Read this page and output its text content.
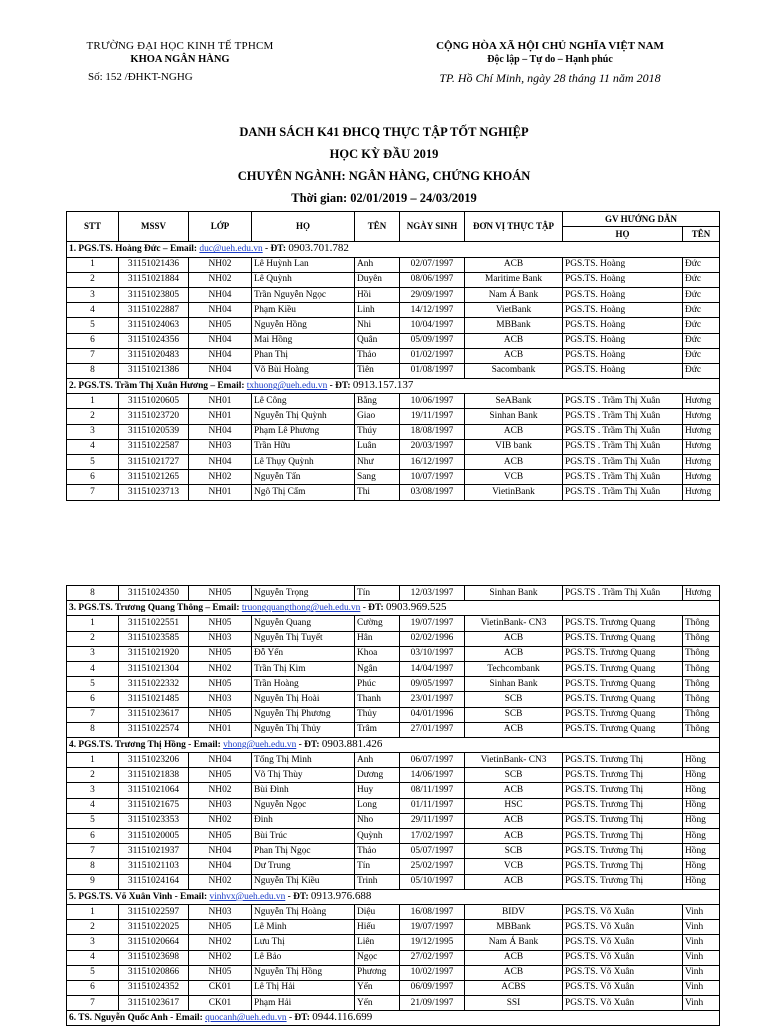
TRƯỜNG ĐẠI HỌC KINH TẾ TPHCM
KHOA NGÂN HÀNG
Số: 152 /ĐHKT-NGHG
CỘNG HÒA XÃ HỘI CHỦ NGHĨA VIỆT NAM
Độc lập – Tự do – Hạnh phúc
TP. Hồ Chí Minh, ngày 28 tháng 11 năm 2018
DANH SÁCH K41 ĐHCQ THỰC TẬP TỐT NGHIỆP
HỌC KỲ ĐẦU 2019
CHUYÊN NGÀNH: NGÂN HÀNG, CHỨNG KHOÁN
Thời gian: 02/01/2019 – 24/03/2019
STT	MSSV	LỚP	HỌ	TÊN	NGÀY SINH	ĐƠN VỊ THỰC TẬP	GV HƯỚNG DẪN	
							HỌ	TÊN
1. PGS.TS. Hoàng Đức – Email: duc@ueh.edu.vn - ĐT: 0903.701.782								
1	31151021436	NH02	Lê Huỳnh Lan	Anh	02/07/1997	ACB	PGS.TS. Hoàng	Đức
2	31151021884	NH02	Lê Quỳnh	Duyên	08/06/1997	Maritime Bank	PGS.TS. Hoàng	Đức
3	31151023805	NH04	Trần Nguyễn Ngọc	Hồi	29/09/1997	Nam Á Bank	PGS.TS. Hoàng	Đức
4	31151022887	NH04	Phạm Kiều	Linh	14/12/1997	VietBank	PGS.TS. Hoàng	Đức
5	31151024063	NH05	Nguyễn Hồng	Nhi	10/04/1997	MBBank	PGS.TS. Hoàng	Đức
6	31151024356	NH04	Mai Hồng	Quân	05/09/1997	ACB	PGS.TS. Hoàng	Đức
7	31151020483	NH04	Phan Thị	Thảo	01/02/1997	ACB	PGS.TS. Hoàng	Đức
8	31151021386	NH04	Võ Bùi Hoàng	Tiên	01/08/1997	Sacombank	PGS.TS. Hoàng	Đức
2. PGS.TS. Trầm Thị Xuân Hương – Email: txhuong@ueh.edu.vn - ĐT: 0913.157.137								
1	31151020605	NH01	Lê Công	Bằng	10/06/1997	SeABank	PGS.TS . Trầm Thị Xuân	Hương
2	31151023720	NH01	Nguyễn Thị Quỳnh	Giao	19/11/1997	Sinhan Bank	PGS.TS . Trầm Thị Xuân	Hương
3	31151020539	NH04	Phạm Lê Phương	Thúy	18/08/1997	ACB	PGS.TS . Trầm Thị Xuân	Hương
4	31151022587	NH03	Trần Hữu	Luân	20/03/1997	VIB bank	PGS.TS . Trầm Thị Xuân	Hương
5	31151021727	NH04	Lê Thụy Quỳnh	Như	16/12/1997	ACB	PGS.TS . Trầm Thị Xuân	Hương
6	31151021265	NH02	Nguyễn Tấn	Sang	10/07/1997	VCB	PGS.TS . Trầm Thị Xuân	Hương
7	31151023713	NH01	Ngô Thị Cẩm	Thi	03/08/1997	VietinBank	PGS.TS . Trầm Thị Xuân	Hương
8	31151024350	NH05	Nguyễn Trọng	Tín	12/03/1997	Sinhan Bank	PGS.TS . Trầm Thị Xuân	Hương
3. PGS.TS. Trương Quang Thông – Email: truongquangthong@ueh.edu.vn - ĐT: 0903.969.525								
1	31151022551	NH05	Nguyễn Quang	Cường	19/07/1997	VietinBank- CN3	PGS.TS. Trương Quang	Thông
2	31151023585	NH03	Nguyễn Thị Tuyết	Hân	02/02/1996	ACB	PGS.TS. Trương Quang	Thông
3	31151021920	NH05	Đỗ Yến	Khoa	03/10/1997	ACB	PGS.TS. Trương Quang	Thông
4	31151021304	NH02	Trần Thị Kim	Ngân	14/04/1997	Techcombank	PGS.TS. Trương Quang	Thông
5	31151022332	NH05	Trần Hoàng	Phúc	09/05/1997	Sinhan Bank	PGS.TS. Trương Quang	Thông
6	31151021485	NH03	Nguyễn Thị Hoài	Thanh	23/01/1997	SCB	PGS.TS. Trương Quang	Thông
7	31151023617	NH05	Nguyễn Thị Phương	Thủy	04/01/1996	SCB	PGS.TS. Trương Quang	Thông
8	31151022574	NH01	Nguyễn Thị Thủy	Trâm	27/01/1997	ACB	PGS.TS. Trương Quang	Thông
4. PGS.TS. Trương Thị Hồng - Email: vhong@ueh.edu.vn - ĐT: 0903.881.426								
1	31151023206	NH04	Tống Thị Minh	Anh	06/07/1997	VietinBank- CN3	PGS.TS. Trương Thị	Hồng
2	31151021838	NH05	Võ Thị Thùy	Dương	14/06/1997	SCB	PGS.TS. Trương Thị	Hồng
3	31151021064	NH02	Bùi Đình	Huy	08/11/1997	ACB	PGS.TS. Trương Thị	Hồng
4	31151021675	NH03	Nguyễn Ngọc	Long	01/11/1997	HSC	PGS.TS. Trương Thị	Hồng
5	31151023353	NH02	Đinh	Nho	29/11/1997	ACB	PGS.TS. Trương Thị	Hồng
6	31151020005	NH05	Bùi Trúc	Quỳnh	17/02/1997	ACB	PGS.TS. Trương Thị	Hồng
7	31151021937	NH04	Phan Thị Ngọc	Thảo	05/07/1997	SCB	PGS.TS. Trương Thị	Hồng
8	31151021103	NH04	Dư Trung	Tín	25/02/1997	VCB	PGS.TS. Trương Thị	Hồng
9	31151024164	NH02	Nguyễn Thị Kiều	Trinh	05/10/1997	ACB	PGS.TS. Trương Thị	Hồng
5. PGS.TS. Võ Xuân Vinh - Email: vinhvx@ueh.edu.vn - ĐT: 0913.976.688								
1	31151022597	NH03	Nguyễn Thị Hoàng	Diệu	16/08/1997	BIDV	PGS.TS. Võ Xuân	Vinh
2	31151022025	NH05	Lê Minh	Hiếu	19/07/1997	MBBank	PGS.TS. Võ Xuân	Vinh
3	31151020664	NH02	Lưu Thị	Liên	19/12/1995	Nam Á Bank	PGS.TS. Võ Xuân	Vinh
4	31151023698	NH02	Lê Bảo	Ngọc	27/02/1997	ACB	PGS.TS. Võ Xuân	Vinh
5	31151020866	NH05	Nguyễn Thị Hồng	Phương	10/02/1997	ACB	PGS.TS. Võ Xuân	Vinh
6	31151024352	CK01	Lê Thị Hải	Yến	06/09/1997	ACBS	PGS.TS. Võ Xuân	Vinh
7	31151023617	CK01	Phạm Hải	Yến	21/09/1997	SSI	PGS.TS. Võ Xuân	Vinh
6. TS. Nguyễn Quốc Anh - Email: quocanh@ueh.edu.vn - ĐT: 0944.116.699								
